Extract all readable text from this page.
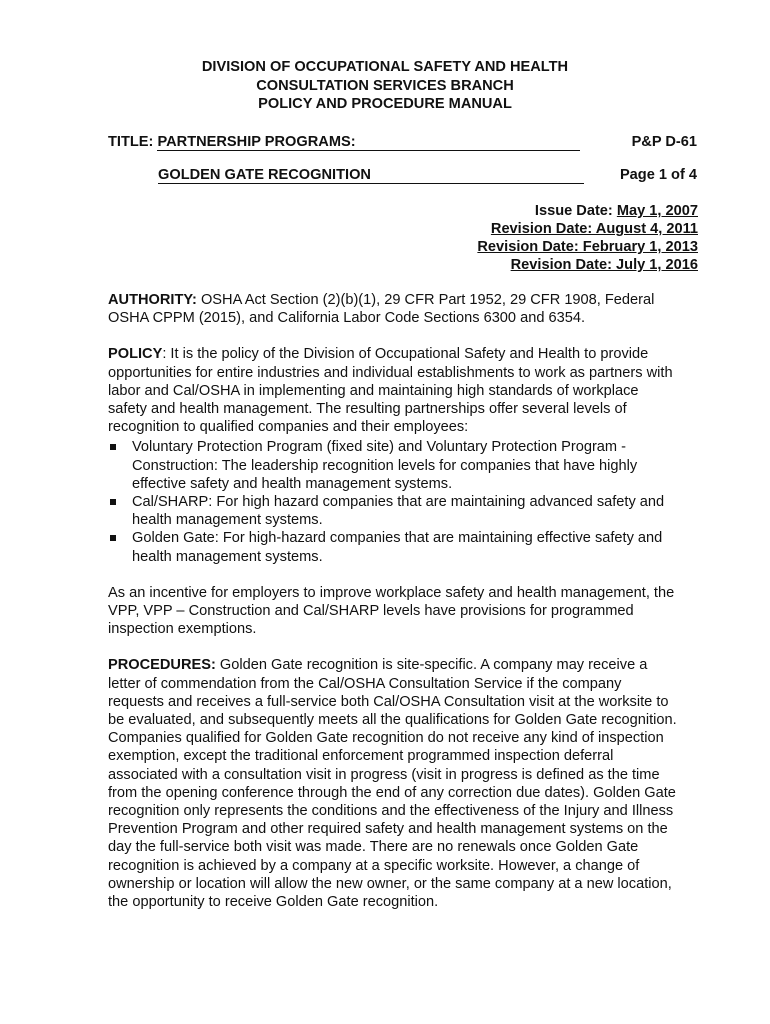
DIVISION OF OCCUPATIONAL SAFETY AND HEALTH
CONSULTATION SERVICES BRANCH
POLICY AND PROCEDURE MANUAL
TITLE: PARTNERSHIP PROGRAMS:	P&P D-61
GOLDEN GATE RECOGNITION	Page 1 of 4
Issue Date: May 1, 2007
Revision Date: August 4, 2011
Revision Date: February 1, 2013
Revision Date: July 1, 2016

AUTHORITY: OSHA Act Section (2)(b)(1), 29 CFR Part 1952, 29 CFR 1908, Federal
OSHA CPPM (2015), and California Labor Code Sections 6300 and 6354.

POLICY: It is the policy of the Division of Occupational Safety and Health to provide
opportunities for entire industries and individual establishments to work as partners with
labor and Cal/OSHA in implementing and maintaining high standards of workplace
safety and health management. The resulting partnerships offer several levels of
recognition to qualified companies and their employees:

Voluntary Protection Program (fixed site) and Voluntary Protection Program -
Construction: The leadership recognition levels for companies that have highly
effective safety and health management systems.
Cal/SHARP: For high hazard companies that are maintaining advanced safety and
health management systems.
Golden Gate: For high-hazard companies that are maintaining effective safety and
health management systems.

As an incentive for employers to improve workplace safety and health management, the
VPP, VPP – Construction and Cal/SHARP levels have provisions for programmed
inspection exemptions.

PROCEDURES: Golden Gate recognition is site-specific. A company may receive a
letter of commendation from the Cal/OSHA Consultation Service if the company
requests and receives a full-service both Cal/OSHA Consultation visit at the worksite to
be evaluated, and subsequently meets all the qualifications for Golden Gate recognition.
Companies qualified for Golden Gate recognition do not receive any kind of inspection
exemption, except the traditional enforcement programmed inspection deferral
associated with a consultation visit in progress (visit in progress is defined as the time
from the opening conference through the end of any correction due dates). Golden Gate
recognition only represents the conditions and the effectiveness of the Injury and Illness
Prevention Program and other required safety and health management systems on the
day the full-service both visit was made. There are no renewals once Golden Gate
recognition is achieved by a company at a specific worksite. However, a change of
ownership or location will allow the new owner, or the same company at a new location,
the opportunity to receive Golden Gate recognition.
